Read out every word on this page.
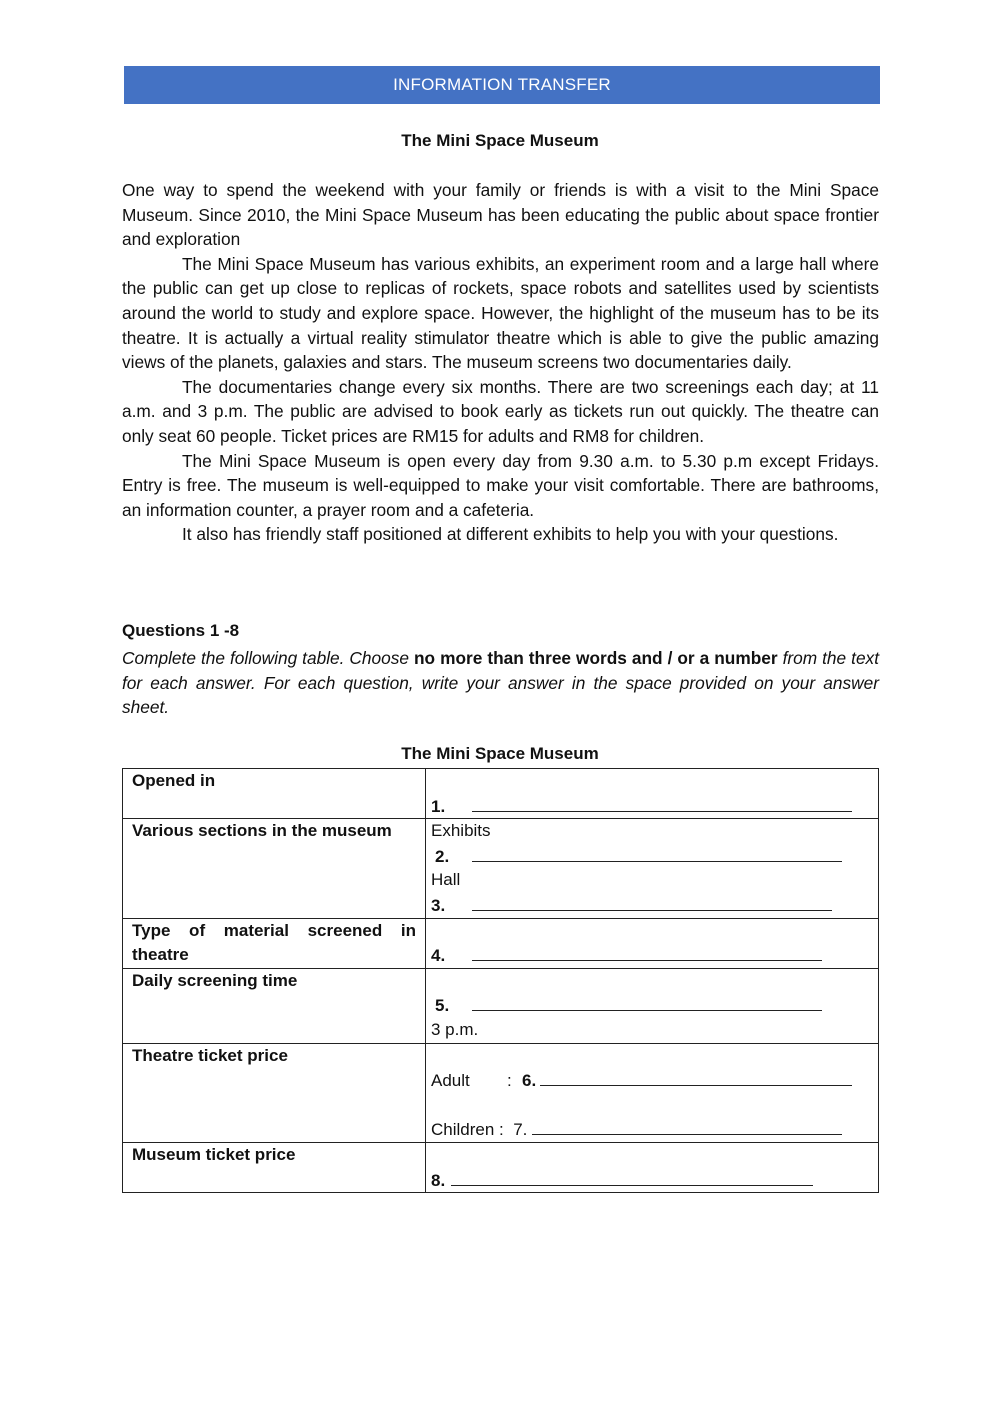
INFORMATION TRANSFER
The Mini Space Museum

One way to spend the weekend with your family or friends is with a visit to the Mini Space Museum. Since 2010, the Mini Space Museum has been educating the public about space frontier and exploration

The Mini Space Museum has various exhibits, an experiment room and a large hall where the public can get up close to replicas of rockets, space robots and satellites used by scientists around the world to study and explore space. However, the highlight of the museum has to be its theatre. It is actually a virtual reality stimulator theatre which is able to give the public amazing views of the planets, galaxies and stars. The museum screens two documentaries daily.

The documentaries change every six months. There are two screenings each day; at 11 a.m. and 3 p.m. The public are advised to book early as tickets run out quickly. The theatre can only seat 60 people. Ticket prices are RM15 for adults and RM8 for children.

The Mini Space Museum is open every day from 9.30 a.m. to 5.30 p.m except Fridays. Entry is free. The museum is well-equipped to make your visit comfortable. There are bathrooms, an information counter, a prayer room and a cafeteria.

It also has friendly staff positioned at different exhibits to help you with your questions.

Questions 1 -8
Complete the following table. Choose no more than three words and / or a number from the text for each answer. For each question, write your answer in the space provided on your answer sheet.
The Mini Space Museum
Opened in	1.

Various sections in the museum	Exhibits
2.
Hall
3.

Type of material screened in theatre	4.

Daily screening time	5.
3 p.m.

Theatre ticket price	Adult : 6.
Children :  7.

Museum ticket price	8.
